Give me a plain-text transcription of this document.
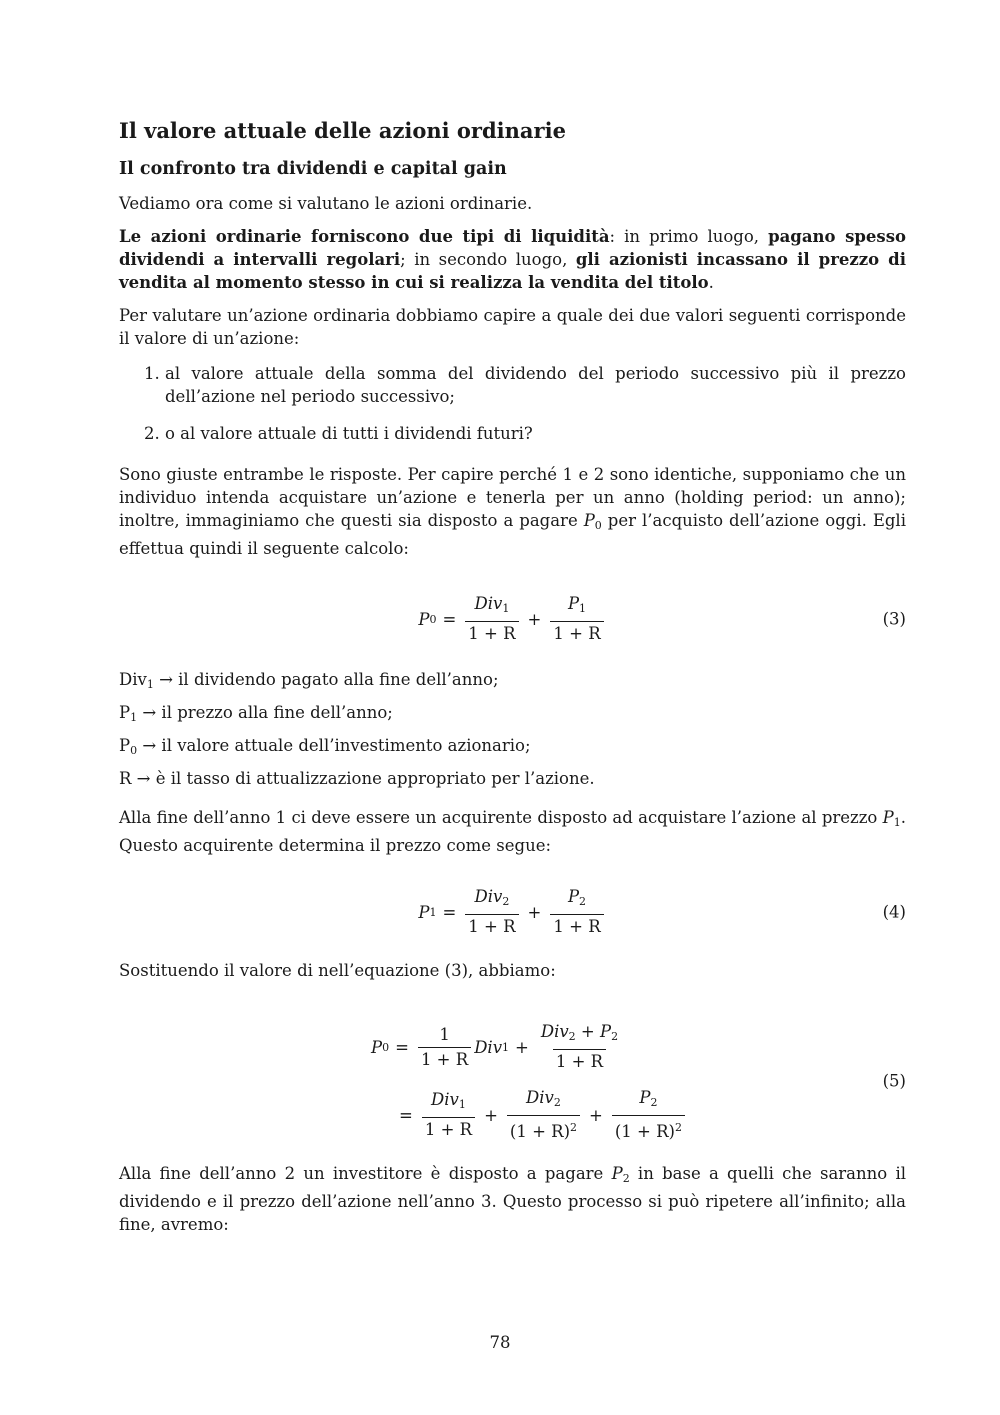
Il valore attuale delle azioni ordinarie
Il confronto tra dividendi e capital gain

Vediamo ora come si valutano le azioni ordinarie.

Le azioni ordinarie forniscono due tipi di liquidità: in primo luogo, pagano spesso dividendi a intervalli regolari; in secondo luogo, gli azionisti incassano il prezzo di vendita al momento stesso in cui si realizza la vendita del titolo.

Per valutare un’azione ordinaria dobbiamo capire a quale dei due valori seguenti corrisponde il valore di un’azione:

1. al valore attuale della somma del dividendo del periodo successivo più il prezzo dell’azione nel periodo successivo;
2. o al valore attuale di tutti i dividendi futuri?

Sono giuste entrambe le risposte. Per capire perché 1 e 2 sono identiche, supponiamo che un individuo intenda acquistare un’azione e tenerla per un anno (holding period: un anno); inoltre, immaginiamo che questi sia disposto a pagare $P_0$ per l’acquisto dell’azione oggi. Egli effettua quindi il seguente calcolo:

P $0 = \frac{Div_1}{1 + R} + \frac{P_1}{1 + R}$	(3)

Div$_1$ → il dividendo pagato alla fine dell’anno;

$P_1$ → il prezzo alla fine dell’anno;

$P_0$ → il valore attuale dell’investimento azionario;

R → è il tasso di attualizzazione appropriato per l’azione.

Alla fine dell’anno 1 ci deve essere un acquirente disposto ad acquistare l’azione al prezzo $P_1$. Questo acquirente determina il prezzo come segue:

P $1 = \frac{Div_2}{1 + R} + \frac{P_2}{1 + R}$	(4)

Sostituendo il valore di nell’equazione (3), abbiamo:

P $0 = \frac{1}{1 + R}$ Div $1 + \frac{Div_2 + P_2}{1 + R}$
= $\frac{Div_1}{1 + R} + \frac{Div_2}{(1 + R)^2} + \frac{P_2}{(1 + R)^2}$
(5)

Alla fine dell’anno 2 un investitore è disposto a pagare $P_2$ in base a quelli che saranno il dividendo e il prezzo dell’azione nell’anno 3. Questo processo si può ripetere all’infinito; alla fine, avremo:

78
